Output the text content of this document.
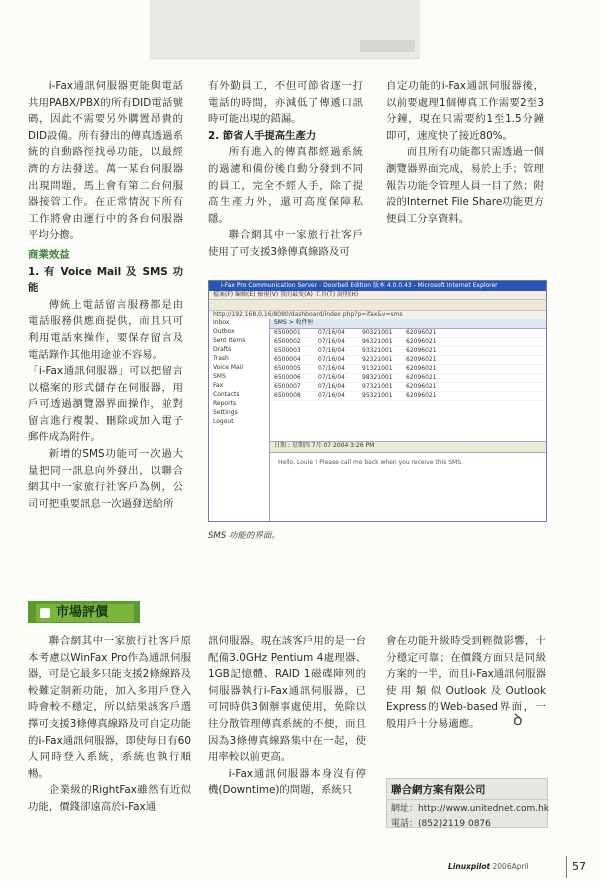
i-Fax通訊伺服器更能與電話共用PABX/PBX的所有DID電話號碼，因此不需要另外購置昂貴的DID設備。所有發出的傳真透過系統的自動路徑找尋功能，以最經濟的方法發送。萬一某台伺服器出現問題，馬上會有第二台伺服器接管工作。在正常情況下所有工作將會由運行中的各台伺服器平均分擔。

商業效益
1. 有 Voice Mail 及 SMS 功能

傳統上電話留言服務都是由電話服務供應商提供，而且只可利用電話來操作，要保存留言及電話錄作其他用途並不容易。

「i-Fax通訊伺服器」可以把留言以檔案的形式儲存在伺服器，用戶可透過瀏覽器界面操作，並對留言進行複製、刪除或加入電子郵件成為附件。

新增的SMS功能可一次過大量把同一訊息向外發出，以聯合網其中一家旅行社客戶為例，公司可把重要訊息一次過發送給所

有外勤員工，不但可節省逐一打電話的時間，亦減低了傳遞口訊時可能出現的錯漏。

2. 節省人手提高生產力

所有進入的傳真都經過系統的過濾和備份後自動分發到不同的員工，完全不經人手，除了提高生產力外，還可高度保障私隱。

聯合網其中一家旅行社客戶使用了可支援3條傳真線路及可

自定功能的i-Fax通訊伺服器後，以前要處理1個傳真工作需要2至3分鐘，現在只需要約1至1.5分鐘即可，速度快了接近80%。

而且所有功能都只需透過一個瀏覽器界面完成，易於上手；管理報告功能令管理人員一目了然；附設的Internet File Share功能更方便員工分享資料。

i-Fax Pro Communication Server - Doorbell Edition 版本 4.0.0.43 - Microsoft Internet Explorer
檔案(F) 編輯(E) 檢視(V) 我的最愛(A) 工具(T) 說明(H)
http://192.168.0.16/8080/dashboard/index.php?p=ifax&v=sms
Inbox
Outbox
Sent Items
Drafts
Trash
Voice Mail
SMS
Fax
Contacts
Reports
Settings
Logout
SMS > 收件匣
6500001	07/16/04	90321001 62096021
6500002	07/16/04	96321001 62096021
6500003	07/16/04	93321001 62096021
6500004	07/16/04	92321001 62096021
6500005	07/16/04	91321001 62096021
6500006	07/16/04	98321001 62096021
6500007	07/16/04	97321001 62096021
6500008	07/16/04	95321001 62096021
日期 : 星期四 7月 07 2004 3:26 PM
Hello, Louie ! Please call me back when you receive this SMS.
SMS 功能的界面。
市場評價

聯合網其中一家旅行社客戶原本考慮以WinFax Pro作為通訊伺服器，可是它最多只能支援2條線路及較難定制新功能，加入多用戶登入時會較不穩定，所以結果該客戶選擇可支援3條傳真線路及可自定功能的i-Fax通訊伺服器，即使每日有60人同時登入系統，系統也執行順暢。

企業級的RightFax雖然有近似功能，價錢卻遠高於i-Fax通

訊伺服器。現在該客戶用的是一台配備3.0GHz Pentium 4處理器、1GB記憶體、RAID 1磁碟陣列的伺服器執行i-Fax通訊伺服器，已可同時供3個辦事處使用，免除以往分散管理傳真系統的不便，而且因為3條傳真線路集中在一起，使用率較以前更高。

i-Fax通訊伺服器本身沒有停機(Downtime)的問題，系統只

會在功能升級時受到輕微影響，十分穩定可靠；在價錢方面只是同級方案的一半，而且i-Fax通訊伺服器使用類似Outlook及Outlook Express的Web-based界面，一般用戶十分易適應。	ꝺ
聯合網方案有限公司
網址：http://www.unitednet.com.hk
電話：(852)2119 0876
Linuxpilot 2006April	57
